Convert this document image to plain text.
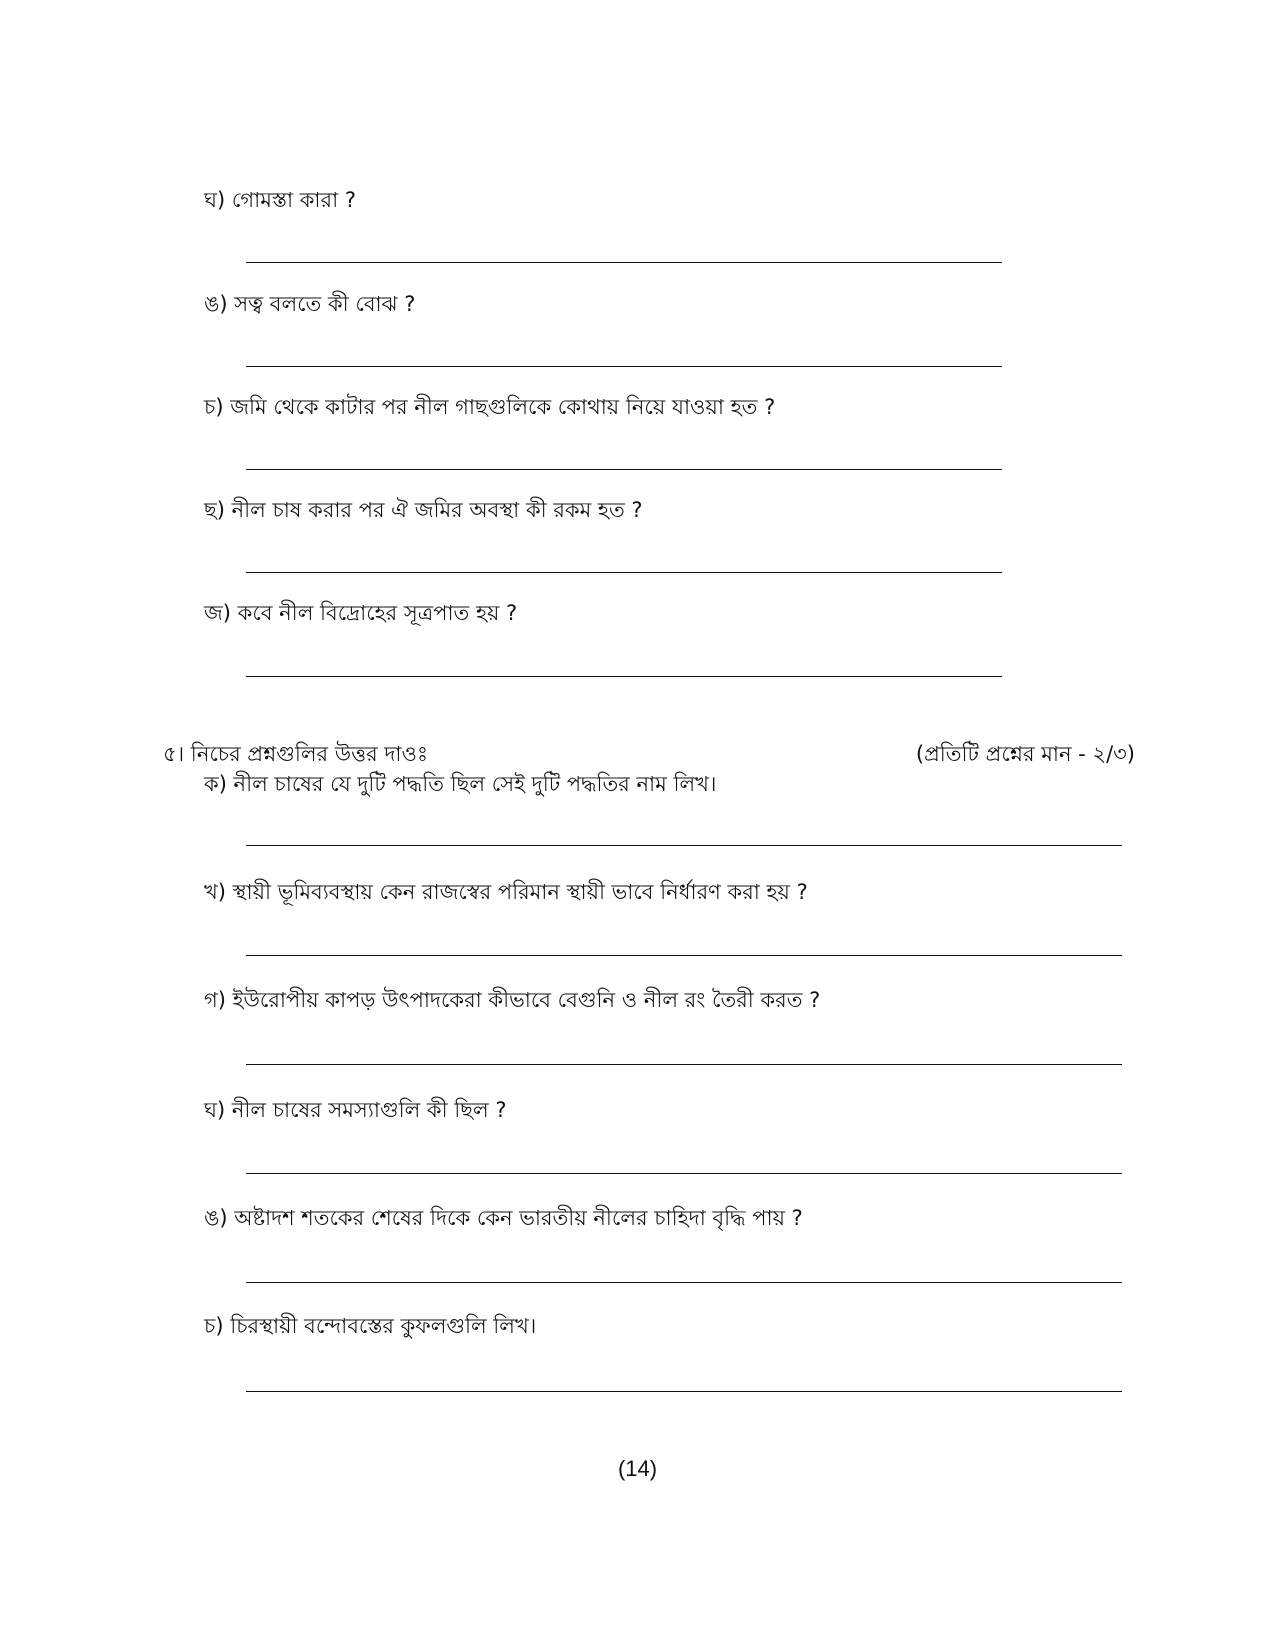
ঘ) গোমস্তা কারা ?
ঙ) সত্ব বলতে কী বোঝ ?
চ) জমি থেকে কাটার পর নীল গাছগুলিকে কোথায় নিয়ে যাওয়া হত ?
ছ) নীল চাষ করার পর ঐ জমির অবস্থা কী রকম হত ?
জ) কবে নীল বিদ্রোহের সূত্রপাত হয় ?
৫। নিচের প্রশ্নগুলির উত্তর দাওঃ	(প্রতিটি প্রশ্নের মান - ২/৩)
ক) নীল চাষের যে দুটি পদ্ধতি ছিল সেই দুটি পদ্ধতির নাম লিখ।
খ) স্থায়ী ভূমিব্যবস্থায় কেন রাজস্বের পরিমান স্থায়ী ভাবে নির্ধারণ করা হয় ?
গ) ইউরোপীয় কাপড় উৎপাদকেরা কীভাবে বেগুনি ও নীল রং তৈরী করত ?
ঘ) নীল চাষের সমস্যাগুলি কী ছিল ?
ঙ) অষ্টাদশ শতকের শেষের দিকে কেন ভারতীয় নীলের চাহিদা বৃদ্ধি পায় ?
চ) চিরস্থায়ী বন্দোবস্তের কুফলগুলি লিখ।
(14)
